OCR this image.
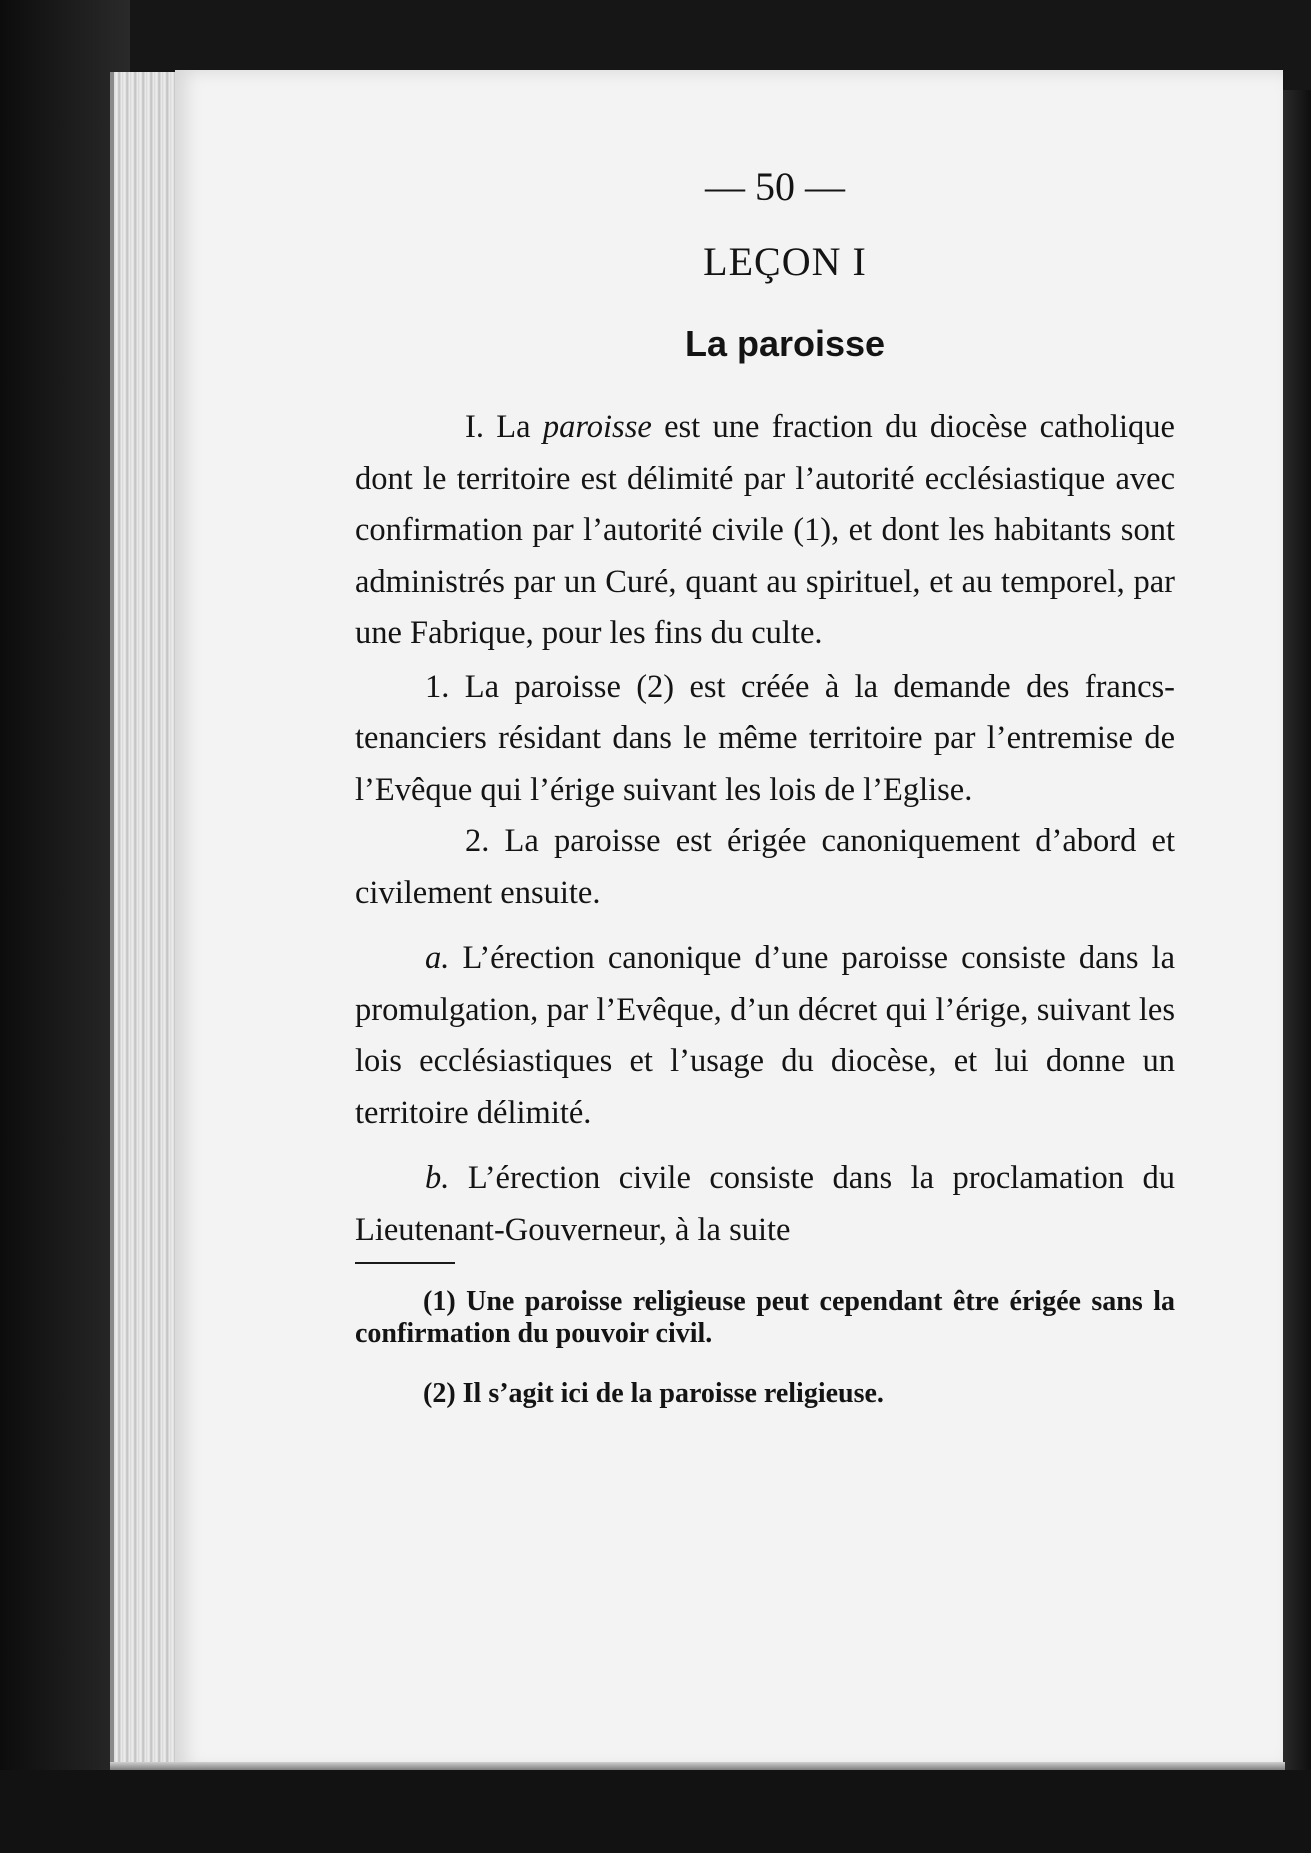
— 50 —
LEÇON I
La paroisse

I. La paroisse est une fraction du diocèse catholique dont le territoire est délimité par l’autorité ecclésiastique avec confirmation par l’autorité civile (1), et dont les habitants sont administrés par un Curé, quant au spirituel, et au temporel, par une Fabrique, pour les fins du culte.

1. La paroisse (2) est créée à la demande des francs-tenanciers résidant dans le même territoire par l’entremise de l’Evêque qui l’érige suivant les lois de l’Eglise.

2. La paroisse est érigée canoniquement d’abord et civilement ensuite.

a. L’érection canonique d’une paroisse consiste dans la promulgation, par l’Evêque, d’un décret qui l’érige, suivant les lois ecclésiastiques et l’usage du diocèse, et lui donne un territoire délimité.

b. L’érection civile consiste dans la proclamation du Lieutenant-Gouverneur, à la suite

(1) Une paroisse religieuse peut cependant être érigée sans la confirmation du pouvoir civil.

(2) Il s’agit ici de la paroisse religieuse.
